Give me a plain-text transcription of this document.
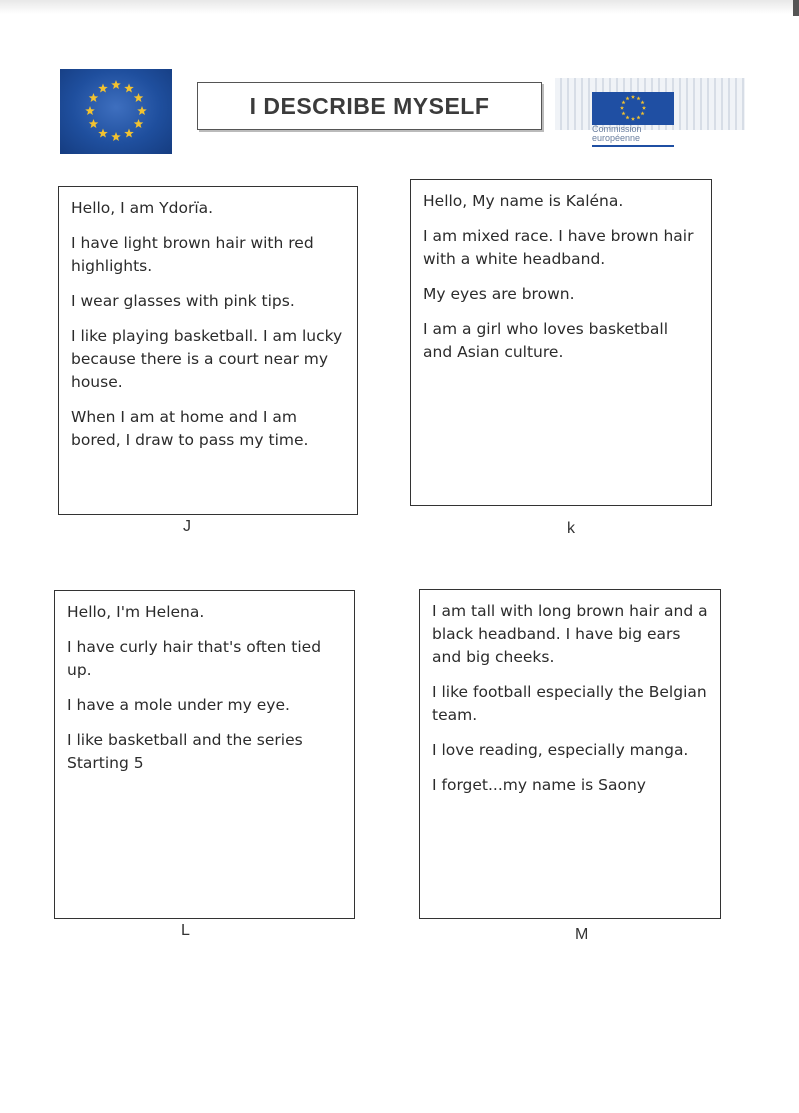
I DESCRIBE MYSELF
Commission
européenne

Hello, I am Ydorïa.

I have light brown hair with red highlights.

I wear glasses with pink tips.

I like playing basketball. I am lucky because there is a court near my house.

When I am at home and I am bored, I draw to pass my time.

J

Hello, My name is Kaléna.

I am mixed race. I have brown hair with a white headband.

My eyes are brown.

I am a girl who loves basketball and Asian culture.

k

Hello, I'm Helena.

I have curly hair that's often tied up.

I have a mole under my eye.

I like basketball and the series Starting 5

L

I am tall with long brown hair and a black headband. I have big ears and big cheeks.

I like football especially the Belgian team.

I love reading, especially manga.

I forget...my name is Saony

M
